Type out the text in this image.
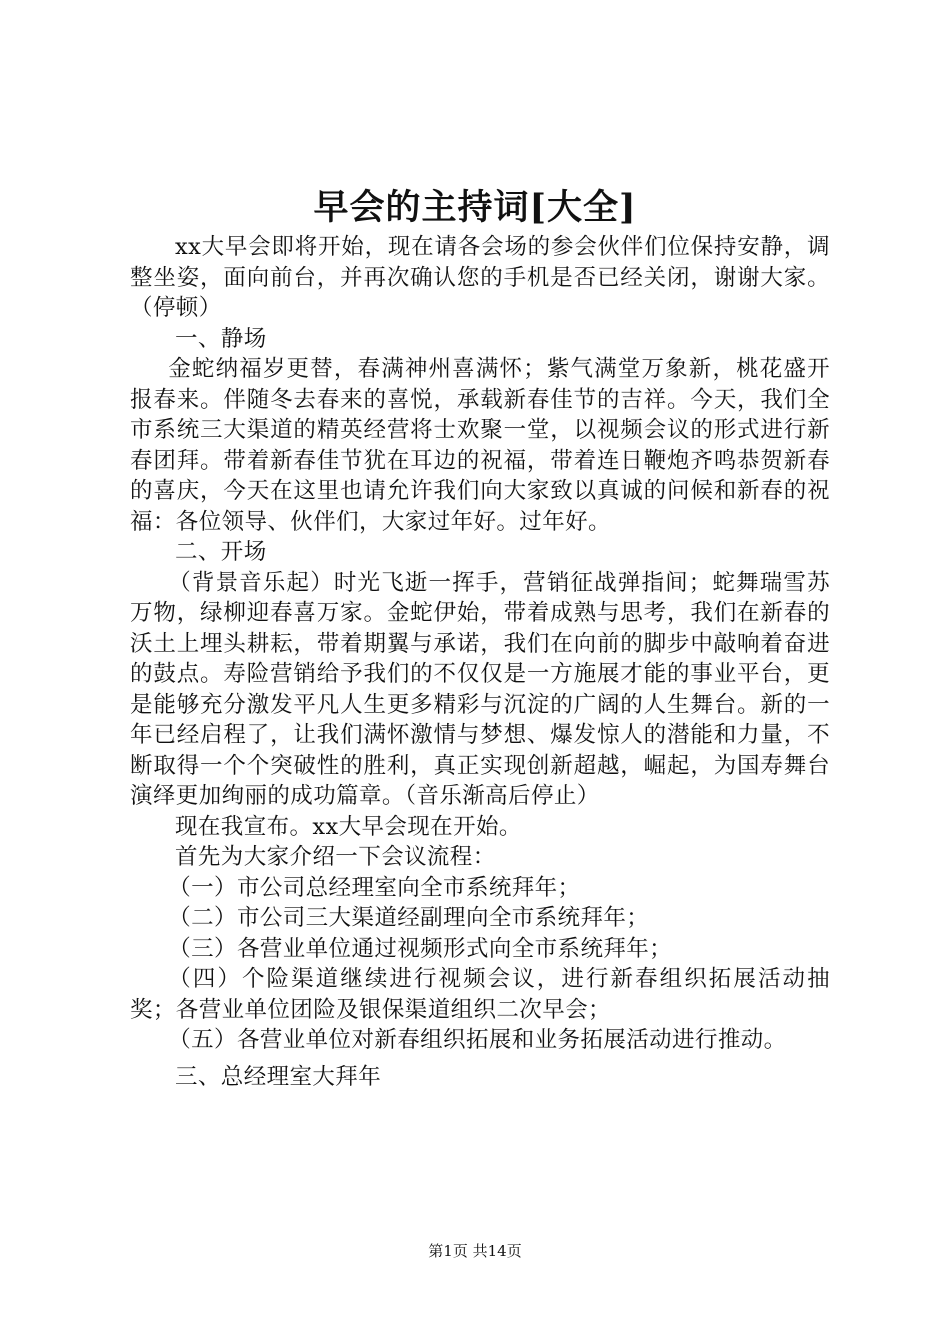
早会的主持词[大全]

xx大早会即将开始，现在请各会场的参会伙伴们位保持安静，调整坐姿，面向前台，并再次确认您的手机是否已经关闭，谢谢大家。（停顿）

一、静场

金蛇纳福岁更替，春满神州喜满怀；紫气满堂万象新，桃花盛开报春来。伴随冬去春来的喜悦，承载新春佳节的吉祥。今天，我们全市系统三大渠道的精英经营将士欢聚一堂，以视频会议的形式进行新春团拜。带着新春佳节犹在耳边的祝福，带着连日鞭炮齐鸣恭贺新春的喜庆，今天在这里也请允许我们向大家致以真诚的问候和新春的祝福：各位领导、伙伴们，大家过年好。过年好。

二、开场

（背景音乐起）时光飞逝一挥手，营销征战弹指间；蛇舞瑞雪苏万物，绿柳迎春喜万家。金蛇伊始，带着成熟与思考，我们在新春的沃土上埋头耕耘，带着期翼与承诺，我们在向前的脚步中敲响着奋进的鼓点。寿险营销给予我们的不仅仅是一方施展才能的事业平台，更是能够充分激发平凡人生更多精彩与沉淀的广阔的人生舞台。新的一年已经启程了，让我们满怀激情与梦想、爆发惊人的潜能和力量，不断取得一个个突破性的胜利，真正实现创新超越，崛起，为国寿舞台演绎更加绚丽的成功篇章。（音乐渐高后停止）

现在我宣布。xx大早会现在开始。

首先为大家介绍一下会议流程：

（一）市公司总经理室向全市系统拜年；

（二）市公司三大渠道经副理向全市系统拜年；

（三）各营业单位通过视频形式向全市系统拜年；

（四）个险渠道继续进行视频会议，进行新春组织拓展活动抽奖；各营业单位团险及银保渠道组织二次早会；

（五）各营业单位对新春组织拓展和业务拓展活动进行推动。

三、总经理室大拜年

第1页 共14页
